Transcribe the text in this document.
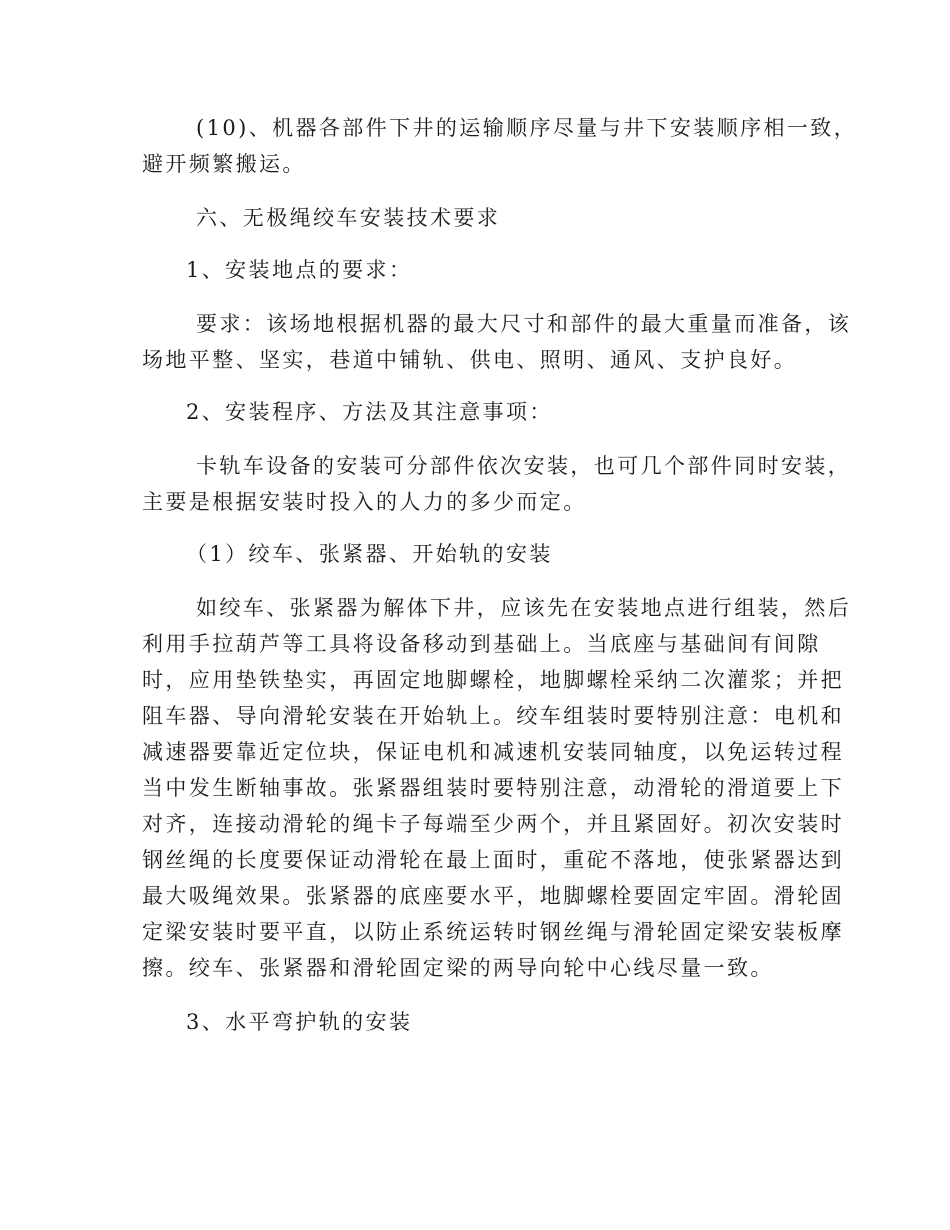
(10)、机器各部件下井的运输顺序尽量与井下安装顺序相一致，
避开频繁搬运。
六、无极绳绞车安装技术要求
1、安装地点的要求：
要求：该场地根据机器的最大尺寸和部件的最大重量而准备，该
场地平整、坚实，巷道中铺轨、供电、照明、通风、支护良好。
2、安装程序、方法及其注意事项：
卡轨车设备的安装可分部件依次安装，也可几个部件同时安装，
主要是根据安装时投入的人力的多少而定。
（1）绞车、张紧器、开始轨的安装
如绞车、张紧器为解体下井，应该先在安装地点进行组装，然后
利用手拉葫芦等工具将设备移动到基础上。当底座与基础间有间隙
时，应用垫铁垫实，再固定地脚螺栓，地脚螺栓采纳二次灌浆；并把
阻车器、导向滑轮安装在开始轨上。绞车组装时要特别注意：电机和
减速器要靠近定位块，保证电机和减速机安装同轴度，以免运转过程
当中发生断轴事故。张紧器组装时要特别注意，动滑轮的滑道要上下
对齐，连接动滑轮的绳卡子每端至少两个，并且紧固好。初次安装时
钢丝绳的长度要保证动滑轮在最上面时，重砣不落地，使张紧器达到
最大吸绳效果。张紧器的底座要水平，地脚螺栓要固定牢固。滑轮固
定梁安装时要平直，以防止系统运转时钢丝绳与滑轮固定梁安装板摩
擦。绞车、张紧器和滑轮固定梁的两导向轮中心线尽量一致。
3、水平弯护轨的安装
